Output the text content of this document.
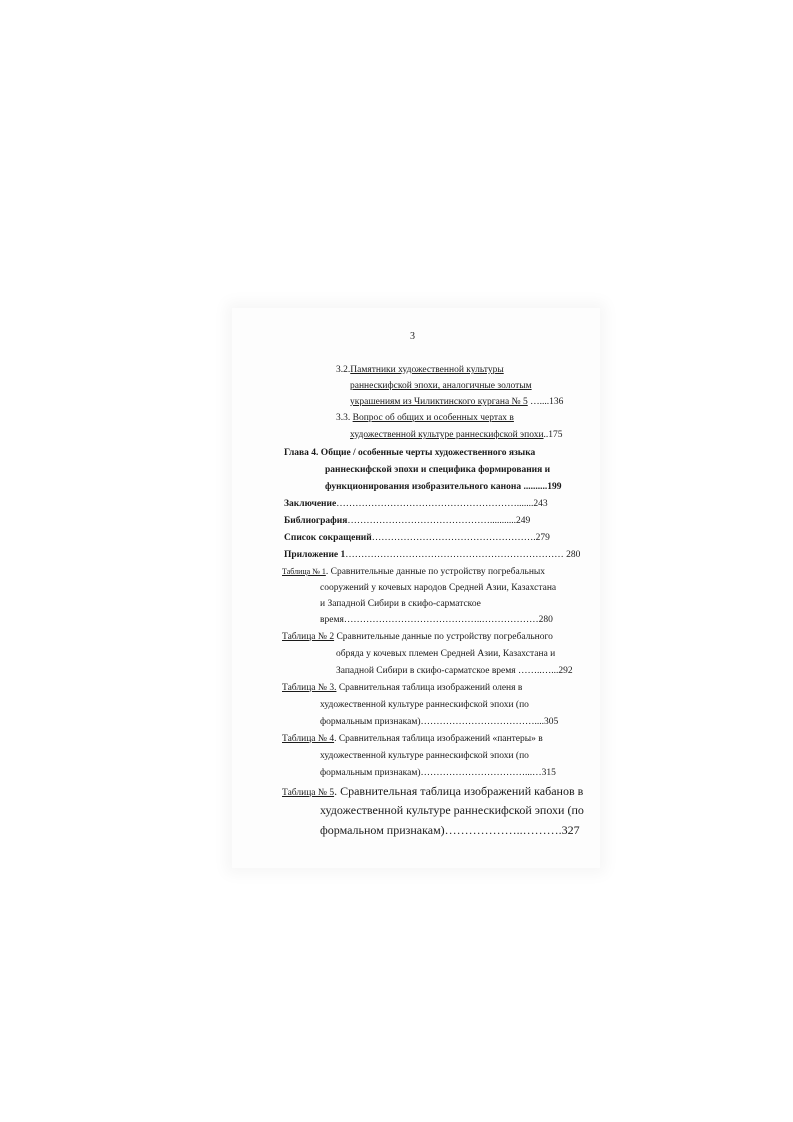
3
3.2.Памятники художественной культуры
раннескифской эпохи, аналогичные золотым
украшениям из Чиликтинского кургана № 5 …....136
3.3. Вопрос об общих и особенных чертах в
художественной культуре раннескифской эпохи..175
Глава 4. Общие / особенные черты художественного языка
раннескифской эпохи и специфика формирования и
функционирования изобразительного канона ..........199
Заключение………………………………………………….......243
Библиография………………………………………...........249
Список сокращений…………………………………………….279
Приложение 1…………………………………………………………… 280
Таблица № 1. Сравнительные данные по устройству погребальных
сооружений у кочевых народов Средней Азии, Казахстана
и Западной Сибири в скифо-сарматское
время……………………………………..………………280
Таблица № 2 Сравнительные данные по устройству погребального
обряда у кочевых племен Средней Азии, Казахстана и
Западной Сибири в скифо-сарматское время ……..…...292
Таблица № 3. Сравнительная таблица изображений оленя в
художественной культуре раннескифской эпохи (по
формальным признакам)………………………………....305
Таблица № 4. Сравнительная таблица изображений «пантеры» в
художественной культуре раннескифской эпохи (по
формальным признакам)……………………………...…315
Таблица № 5. Сравнительная таблица изображений кабанов в
художественной культуре раннескифской эпохи (по
формальном признакам)………………..……….327
